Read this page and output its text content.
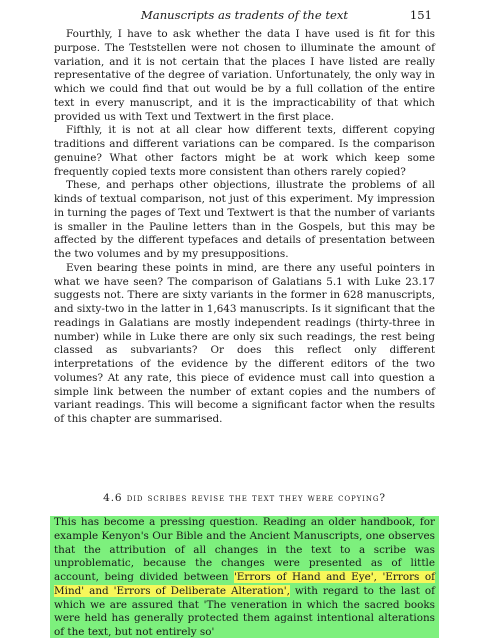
Manuscripts as tradents of the text	151

Fourthly, I have to ask whether the data I have used is fit for this purpose. The Teststellen were not chosen to illuminate the amount of variation, and it is not certain that the places I have listed are really representative of the degree of variation. Unfortunately, the only way in which we could find that out would be by a full collation of the entire text in every manuscript, and it is the impracticability of that which provided us with Text und Textwert in the first place.

Fifthly, it is not at all clear how different texts, different copying traditions and different variations can be compared. Is the comparison genuine? What other factors might be at work which keep some frequently copied texts more consistent than others rarely copied?

These, and perhaps other objections, illustrate the problems of all kinds of textual comparison, not just of this experiment. My impression in turning the pages of Text und Textwert is that the number of variants is smaller in the Pauline letters than in the Gospels, but this may be affected by the different typefaces and details of presentation between the two volumes and by my presuppositions.

Even bearing these points in mind, are there any useful pointers in what we have seen? The comparison of Galatians 5.1 with Luke 23.17 suggests not. There are sixty variants in the former in 628 manuscripts, and sixty-two in the latter in 1,643 manuscripts. Is it significant that the readings in Galatians are mostly independent readings (thirty-three in number) while in Luke there are only six such readings, the rest being classed as subvariants? Or does this reflect only different interpretations of the evidence by the different editors of the two volumes? At any rate, this piece of evidence must call into question a simple link between the number of extant copies and the numbers of variant readings. This will become a significant factor when the results of this chapter are summarised.

4.6 did scribes revise the text they were copying?
This has become a pressing question. Reading an older handbook, for example Kenyon's Our Bible and the Ancient Manuscripts, one observes that the attribution of all changes in the text to a scribe was unproblematic, because the changes were presented as of little account, being divided between 'Errors of Hand and Eye', 'Errors of Mind' and 'Errors of Deliberate Alteration', with regard to the last of which we are assured that 'The veneration in which the sacred books were held has generally protected them against intentional alterations of the text, but not entirely so'
